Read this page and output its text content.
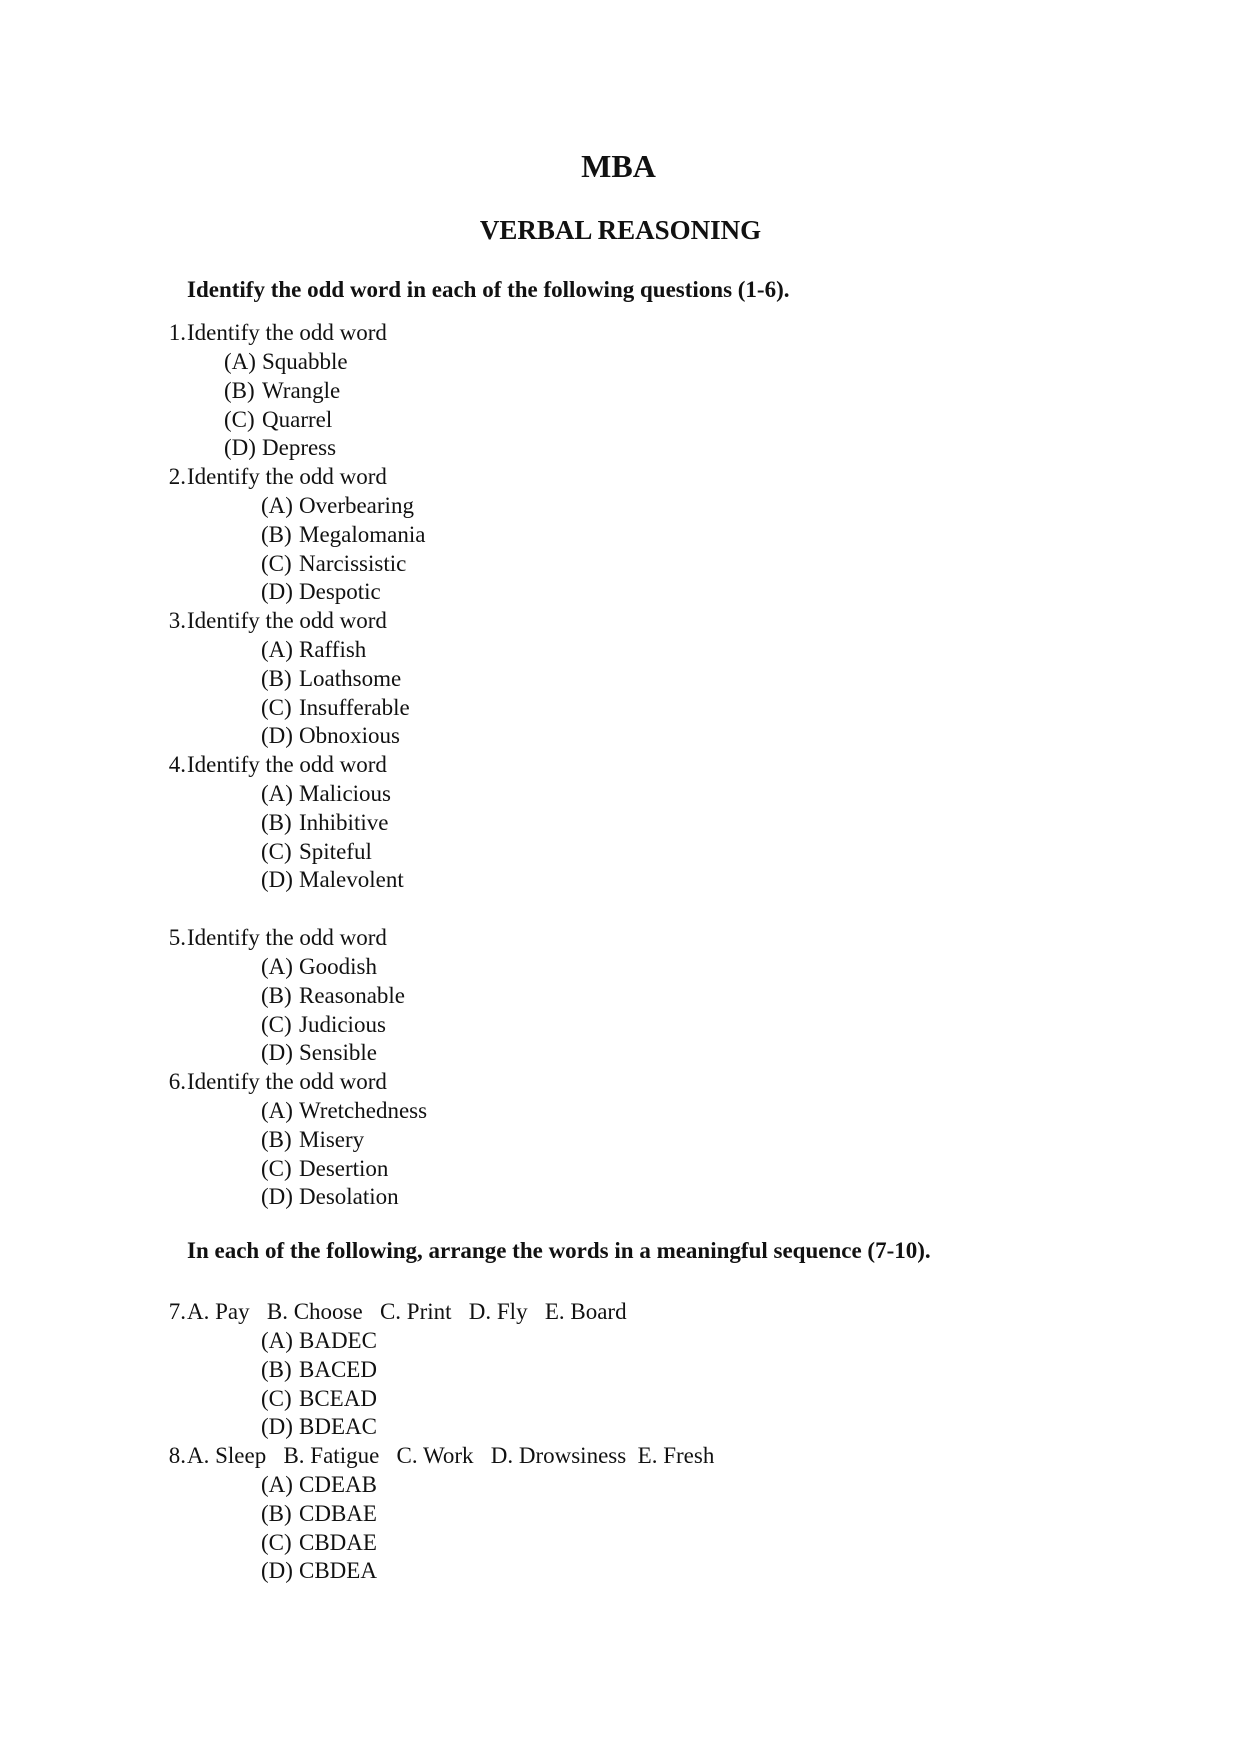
MBA
VERBAL REASONING
Identify the odd word in each of the following questions (1-6).
1. Identify the odd word
(A) Squabble
(B) Wrangle
(C) Quarrel
(D) Depress
2. Identify the odd word
(A) Overbearing
(B) Megalomania
(C) Narcissistic
(D) Despotic
3. Identify the odd word
(A) Raffish
(B) Loathsome
(C) Insufferable
(D) Obnoxious
4. Identify the odd word
(A) Malicious
(B) Inhibitive
(C) Spiteful
(D) Malevolent
5. Identify the odd word
(A) Goodish
(B) Reasonable
(C) Judicious
(D) Sensible
6. Identify the odd word
(A) Wretchedness
(B) Misery
(C) Desertion
(D) Desolation
In each of the following, arrange the words in a meaningful sequence (7-10).
7. A. Pay   B. Choose   C. Print   D. Fly   E. Board
(A) BADEC
(B) BACED
(C) BCEAD
(D) BDEAC
8. A. Sleep   B. Fatigue   C. Work   D. Drowsiness  E. Fresh
(A) CDEAB
(B) CDBAE
(C) CBDAE
(D) CBDEA
